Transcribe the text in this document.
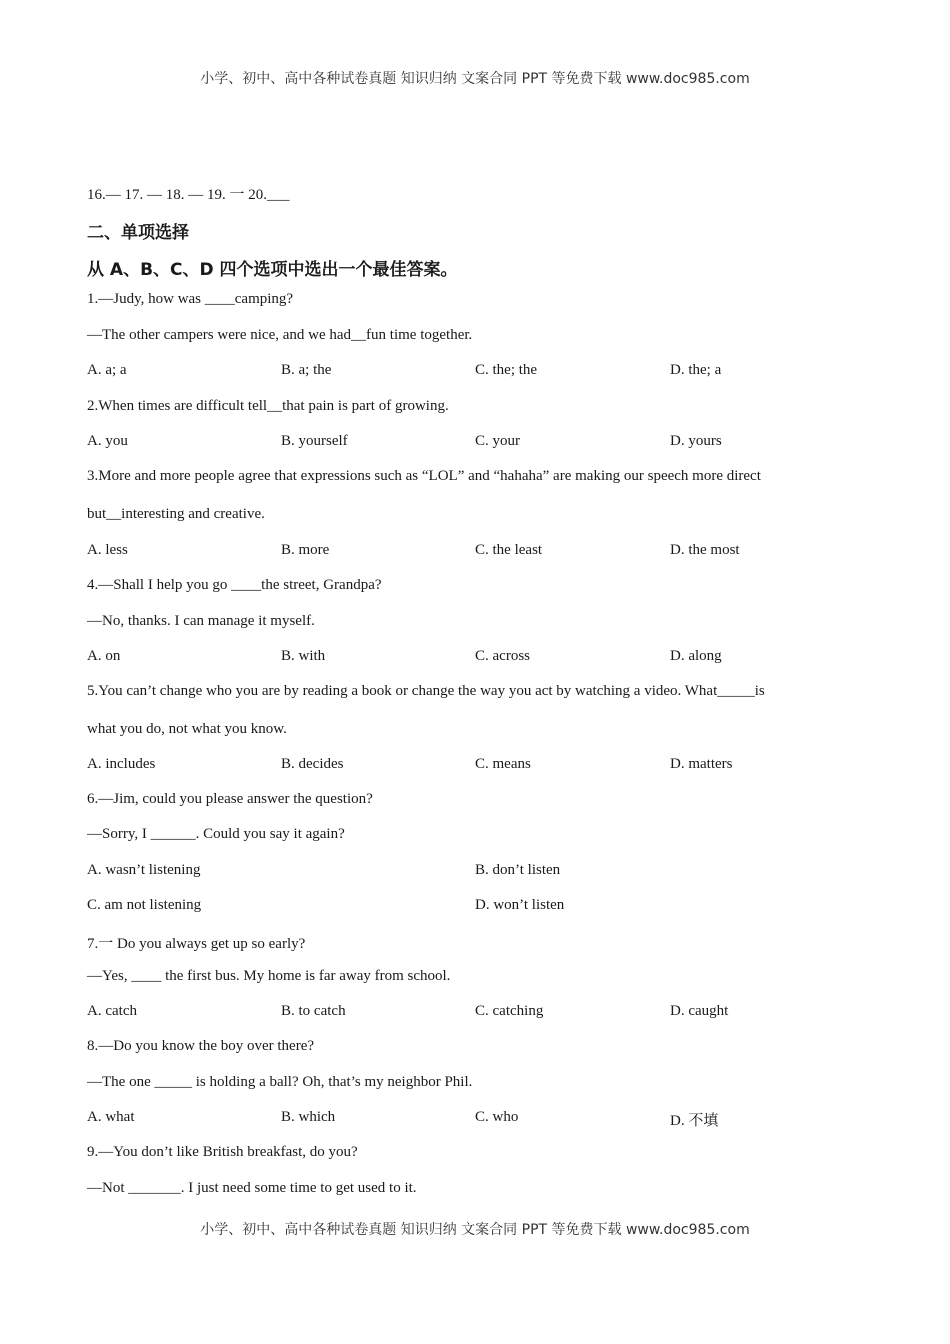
小学、初中、高中各种试卷真题 知识归纳 文案合同 PPT 等免费下载 www.doc985.com
16.— 17. — 18. — 19. 一 20.___
二、单项选择
从 A、B、C、D 四个选项中选出一个最佳答案。
1.—Judy, how was ____camping?
—The other campers were nice, and we had__fun time together.
A. a; a	B. a; the	C. the; the	D. the; a
2.When times are difficult tell__that pain is part of growing.
A. you	B. yourself	C. your	D. yours
3.More and more people agree that expressions such as “LOL” and “hahaha” are making our speech more direct
but__interesting and creative.
A. less	B. more	C. the least	D. the most
4.—Shall I help you go ____the street, Grandpa?
—No, thanks. I can manage it myself.
A. on	B. with	C. across	D. along
5.You can’t change who you are by reading a book or change the way you act by watching a video. What_____is
what you do, not what you know.
A. includes	B. decides	C. means	D. matters
6.—Jim, could you please answer the question?
—Sorry, I ______. Could you say it again?
A. wasn’t listening	B. don’t listen
C. am not listening	D. won’t listen
7.一 Do you always get up so early?
—Yes, ____ the first bus. My home is far away from school.
A. catch	B. to catch	C. catching	D. caught
8.—Do you know the boy over there?
—The one _____ is holding a ball? Oh, that’s my neighbor Phil.
A. what	B. which	C. who	D. 不填
9.—You don’t like British breakfast, do you?
—Not _______. I just need some time to get used to it.
小学、初中、高中各种试卷真题 知识归纳 文案合同 PPT 等免费下载 www.doc985.com
